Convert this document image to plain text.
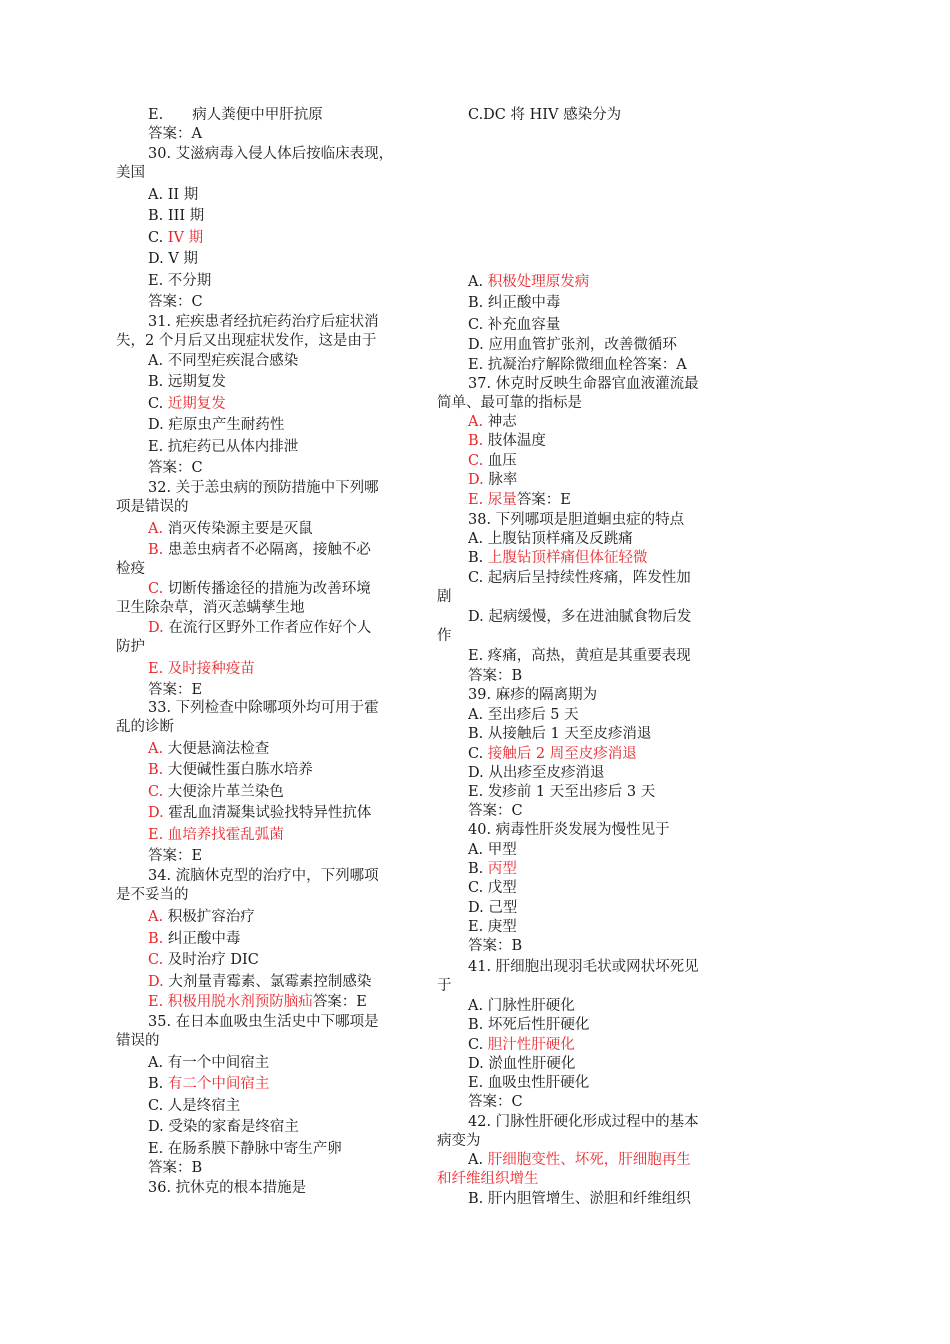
E.　　病人粪便中甲肝抗原
答案：A
30. 艾滋病毒入侵人体后按临床表现，
美国
A. II 期
B. III 期
C. IV 期
D. V 期
E. 不分期
答案：C
31. 疟疾患者经抗疟药治疗后症状消
失，2 个月后又出现症状发作，这是由于
A. 不同型疟疾混合感染
B. 远期复发
C. 近期复发
D. 疟原虫产生耐药性
E. 抗疟药已从体内排泄
答案：C
32. 关于恙虫病的预防措施中下列哪
项是错误的
A. 消灭传染源主要是灭鼠
B. 患恙虫病者不必隔离，接触不必
检疫
C. 切断传播途径的措施为改善环境
卫生除杂草，消灭恙螨孳生地
D. 在流行区野外工作者应作好个人
防护
E. 及时接种疫苗
答案：E
33. 下列检查中除哪项外均可用于霍
乱的诊断
A. 大便悬滴法检查
B. 大便碱性蛋白胨水培养
C. 大便涂片革兰染色
D. 霍乱血清凝集试验找特异性抗体
E. 血培养找霍乱弧菌
答案：E
34. 流脑休克型的治疗中，下列哪项
是不妥当的
A. 积极扩容治疗
B. 纠正酸中毒
C. 及时治疗 DIC
D. 大剂量青霉素、氯霉素控制感染
E. 积极用脱水剂预防脑疝答案：E
35. 在日本血吸虫生活史中下哪项是
错误的
A. 有一个中间宿主
B. 有二个中间宿主
C. 人是终宿主
D. 受染的家畜是终宿主
E. 在肠系膜下静脉中寄生产卵
答案：B
36. 抗休克的根本措施是
C.DC 将 HIV 感染分为
A. 积极处理原发病
B. 纠正酸中毒
C. 补充血容量
D. 应用血管扩张剂，改善微循环
E. 抗凝治疗解除微细血栓答案：A
37. 休克时反映生命器官血液灌流最
简单、最可靠的指标是
A. 神志
B. 肢体温度
C. 血压
D. 脉率
E. 尿量答案：E
38. 下列哪项是胆道蛔虫症的特点
A. 上腹钻顶样痛及反跳痛
B. 上腹钻顶样痛但体征轻微
C. 起病后呈持续性疼痛，阵发性加
剧
D. 起病缓慢，多在进油腻食物后发
作
E. 疼痛，高热，黄疸是其重要表现
答案：B
39. 麻疹的隔离期为
A. 至出疹后 5 天
B. 从接触后 1 天至皮疹消退
C. 接触后 2 周至皮疹消退
D. 从出疹至皮疹消退
E. 发疹前 1 天至出疹后 3 天
答案：C
40. 病毒性肝炎发展为慢性见于
A. 甲型
B. 丙型
C. 戊型
D. 己型
E. 庚型
答案：B
41. 肝细胞出现羽毛状或网状坏死见
于
A. 门脉性肝硬化
B. 坏死后性肝硬化
C. 胆汁性肝硬化
D. 淤血性肝硬化
E. 血吸虫性肝硬化
答案：C
42. 门脉性肝硬化形成过程中的基本
病变为
A. 肝细胞变性、坏死，肝细胞再生
和纤维组织增生
B. 肝内胆管增生、淤胆和纤维组织
